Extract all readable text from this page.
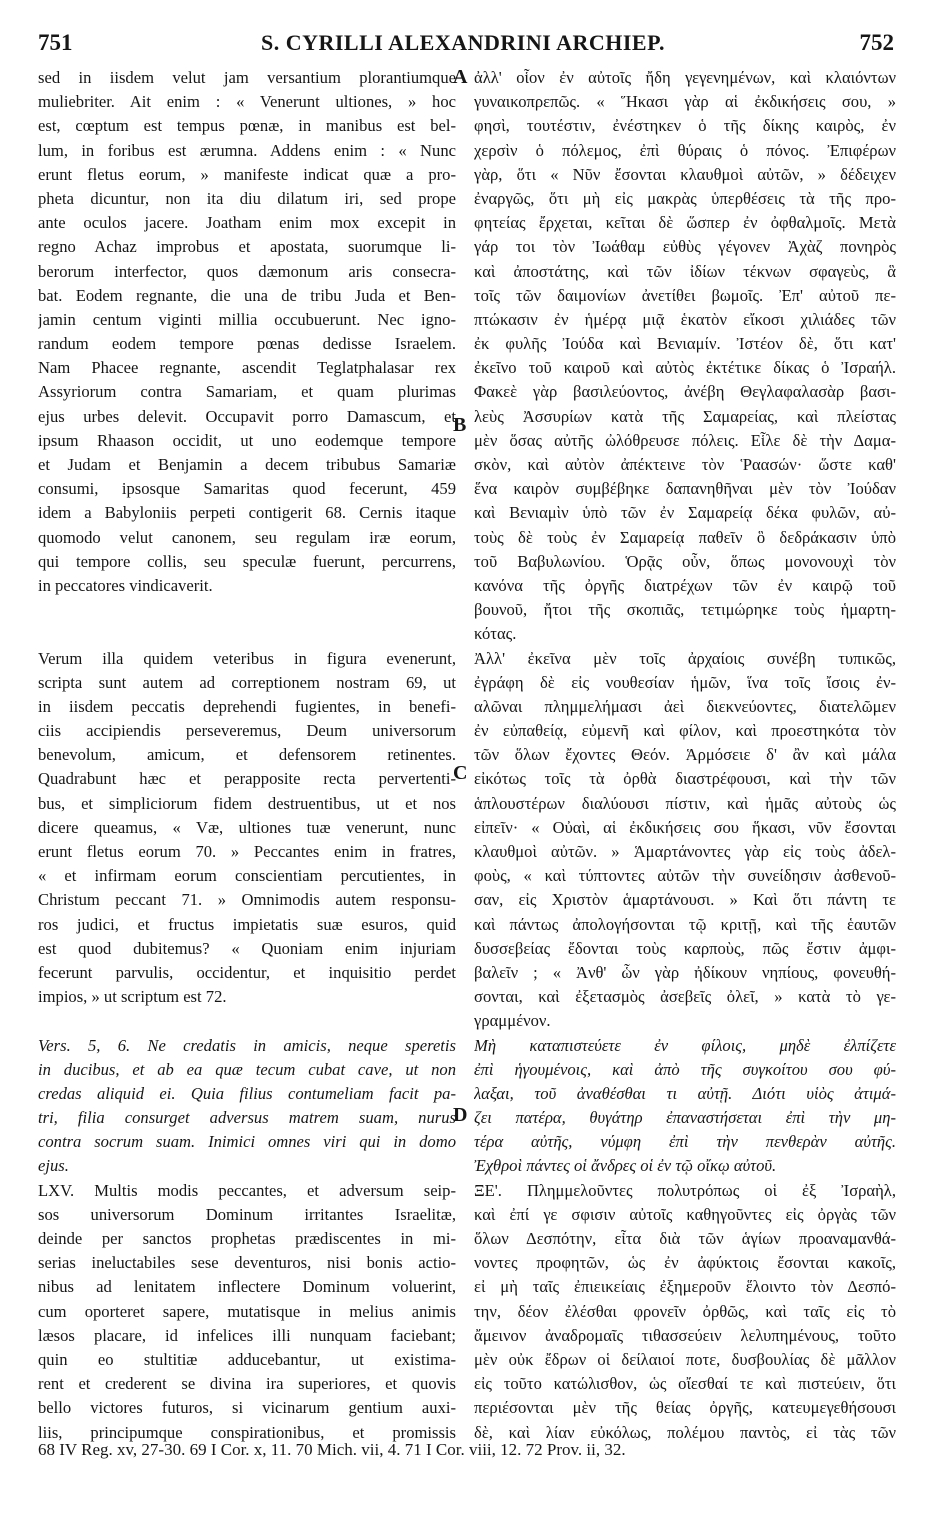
751	S. CYRILLI ALEXANDRINI ARCHIEP.	752
sed in iisdem velut jam versantium plorantiumque
muliebriter. Ait enim : « Venerunt ultiones, » hoc
est, cœptum est tempus pœnæ, in manibus est bel-
lum, in foribus est ærumna. Addens enim : « Nunc
erunt fletus eorum, » manifeste indicat quæ a pro-
pheta dicuntur, non ita diu dilatum iri, sed prope
ante oculos jacere. Joatham enim mox excepit in
regno Achaz improbus et apostata, suorumque li-
berorum interfector, quos dæmonum aris consecra-
bat. Eodem regnante, die una de tribu Juda et Ben-
jamin centum viginti millia occubuerunt. Nec igno-
randum eodem tempore pœnas dedisse Israelem.
Nam Phacee regnante, ascendit Teglatphalasar rex
Assyriorum contra Samariam, et quam plurimas
ejus urbes delevit. Occupavit porro Damascum, et
ipsum Rhaason occidit, ut uno eodemque tempore
et Judam et Benjamin a decem tribubus Samariæ
consumi, ipsosque Samaritas quod fecerunt, 459
idem a Babyloniis perpeti contigerit 68. Cernis itaque
quomodo velut canonem, seu regulam iræ eorum,
qui tempore collis, seu speculæ fuerunt, percurrens,
in peccatores vindicaverit.
Verum illa quidem veteribus in figura evenerunt,
scripta sunt autem ad correptionem nostram 69, ut
in iisdem peccatis deprehendi fugientes, in benefi-
ciis accipiendis perseveremus, Deum universorum
benevolum, amicum, et defensorem retinentes.
Quadrabunt hæc et perapposite recta pervertenti-
bus, et simpliciorum fidem destruentibus, ut et nos
dicere queamus, « Væ, ultiones tuæ venerunt, nunc
erunt fletus eorum 70. » Peccantes enim in fratres,
« et infirmam eorum conscientiam percutientes, in
Christum peccant 71. » Omnimodis autem responsu-
ros judici, et fructus impietatis suæ esuros, quid
est quod dubitemus? « Quoniam enim injuriam
fecerunt parvulis, occidentur, et inquisitio perdet
impios, » ut scriptum est 72.
Vers. 5, 6. Ne credatis in amicis, neque speretis
in ducibus, et ab ea quæ tecum cubat cave, ut non
credas aliquid ei. Quia filius contumeliam facit pa-
tri, filia consurget adversus matrem suam, nurus
contra socrum suam. Inimici omnes viri qui in domo
ejus.
LXV. Multis modis peccantes, et adversum seip-
sos universorum Dominum irritantes Israelitæ,
deinde per sanctos prophetas prædiscentes in mi-
serias ineluctabiles sese deventuros, nisi bonis actio-
nibus ad lenitatem inflectere Dominum voluerint,
cum oporteret sapere, mutatisque in melius animis
læsos placare, id infelices illi nunquam faciebant;
quin eo stultitiæ adducebantur, ut existima-
rent et crederent se divina ira superiores, et quovis
bello victores futuros, si vicinarum gentium auxi-
liis, principumque conspirationibus, et promissis
ἀλλ' οἷον ἐν αὐτοῖς ἤδη γεγενημένων, καὶ κλαιόντων
γυναικοπρεπῶς. « Ἥκασι γὰρ αἱ ἐκδικήσεις σου, »
φησὶ, τουτέστιν, ἐνέστηκεν ὁ τῆς δίκης καιρὸς, ἐν
χερσὶν ὁ πόλεμος, ἐπὶ θύραις ὁ πόνος. Ἐπιφέρων
γὰρ, ὅτι « Νῦν ἔσονται κλαυθμοὶ αὐτῶν, » δέδειχεν
ἐναργῶς, ὅτι μὴ εἰς μακρὰς ὑπερθέσεις τὰ τῆς προ-
φητείας ἔρχεται, κεῖται δὲ ὥσπερ ἐν ὀφθαλμοῖς. Μετὰ
γάρ τοι τὸν Ἰωάθαμ εὐθὺς γέγονεν Ἀχὰζ πονηρὸς
καὶ ἀποστάτης, καὶ τῶν ἰδίων τέκνων σφαγεὺς, ἃ
τοῖς τῶν δαιμονίων ἀνετίθει βωμοῖς. Ἐπ' αὐτοῦ πε-
πτώκασιν ἐν ἡμέρᾳ μιᾷ ἑκατὸν εἴκοσι χιλιάδες τῶν
ἐκ φυλῆς Ἰούδα καὶ Βενιαμίν. Ἰστέον δὲ, ὅτι κατ'
ἐκεῖνο τοῦ καιροῦ καὶ αὐτὸς ἐκτέτικε δίκας ὁ Ἰσραήλ.
Φακεὲ γὰρ βασιλεύοντος, ἀνέβη Θεγλαφαλασὰρ βασι-
λεὺς Ἀσσυρίων κατὰ τῆς Σαμαρείας, καὶ πλείστας
μὲν ὅσας αὐτῆς ὠλόθρευσε πόλεις. Εἷλε δὲ τὴν Δαμα-
σκὸν, καὶ αὐτὸν ἀπέκτεινε τὸν Ῥαασών· ὥστε καθ'
ἕνα καιρὸν συμβέβηκε δαπανηθῆναι μὲν τὸν Ἰούδαν
καὶ Βενιαμὶν ὑπὸ τῶν ἐν Σαμαρείᾳ δέκα φυλῶν, αὐ-
τοὺς δὲ τοὺς ἐν Σαμαρείᾳ παθεῖν ὃ δεδράκασιν ὑπὸ
τοῦ Βαβυλωνίου. Ὁρᾷς οὖν, ὅπως μονονουχὶ τὸν
κανόνα τῆς ὀργῆς διατρέχων τῶν ἐν καιρῷ τοῦ
βουνοῦ, ἤτοι τῆς σκοπιᾶς, τετιμώρηκε τοὺς ἡμαρτη-
κότας.
Ἀλλ' ἐκεῖνα μὲν τοῖς ἀρχαίοις συνέβη τυπικῶς,
ἐγράφη δὲ εἰς νουθεσίαν ἡμῶν, ἵνα τοῖς ἴσοις ἐν-
αλῶναι πλημμελήμασι ἀεὶ διεκνεύοντες, διατελῶμεν
ἐν εὐπαθείᾳ, εὐμενῆ καὶ φίλον, καὶ προεστηκότα τὸν
τῶν ὅλων ἔχοντες Θεόν. Ἁρμόσειε δ' ἂν καὶ μάλα
εἰκότως τοῖς τὰ ὀρθὰ διαστρέφουσι, καὶ τὴν τῶν
ἁπλουστέρων διαλύουσι πίστιν, καὶ ἡμᾶς αὐτοὺς ὡς
εἰπεῖν· « Οὐαὶ, αἱ ἐκδικήσεις σου ἥκασι, νῦν ἔσονται
κλαυθμοὶ αὐτῶν. » Ἁμαρτάνοντες γὰρ εἰς τοὺς ἀδελ-
φοὺς, « καὶ τύπτοντες αὐτῶν τὴν συνείδησιν ἀσθενοῦ-
σαν, εἰς Χριστὸν ἁμαρτάνουσι. » Καὶ ὅτι πάντη τε
καὶ πάντως ἀπολογήσονται τῷ κριτῇ, καὶ τῆς ἑαυτῶν
δυσσεβείας ἔδονται τοὺς καρποὺς, πῶς ἔστιν ἀμφι-
βαλεῖν ; « Ἀνθ' ὧν γὰρ ἠδίκουν νηπίους, φονευθή-
σονται, καὶ ἐξετασμὸς ἀσεβεῖς ὀλεῖ, » κατὰ τὸ γε-
γραμμένον.
Μὴ καταπιστεύετε ἐν φίλοις, μηδὲ ἐλπίζετε
ἐπὶ ἡγουμένοις, καὶ ἀπὸ τῆς συγκοίτου σου φύ-
λαξαι, τοῦ ἀναθέσθαι τι αὐτῇ. Διότι υἱὸς ἀτιμά-
ζει πατέρα, θυγάτηρ ἐπαναστήσεται ἐπὶ τὴν μη-
τέρα αὐτῆς, νύμφη ἐπὶ τὴν πενθερὰν αὐτῆς.
Ἐχθροὶ πάντες οἱ ἄνδρες οἱ ἐν τῷ οἴκῳ αὐτοῦ.
ΞΕ'. Πλημμελοῦντες πολυτρόπως οἱ ἐξ Ἰσραὴλ,
καὶ ἐπί γε σφισιν αὐτοῖς καθηγοῦντες εἰς ὀργὰς τῶν
ὅλων Δεσπότην, εἶτα διὰ τῶν ἁγίων προαναμανθά-
νοντες προφητῶν, ὡς ἐν ἀφύκτοις ἔσονται κακοῖς,
εἰ μὴ ταῖς ἐπιεικείαις ἐξημεροῦν ἕλοιντο τὸν Δεσπό-
την, δέον ἐλέσθαι φρονεῖν ὀρθῶς, καὶ ταῖς εἰς τὸ
ἄμεινον ἀναδρομαῖς τιθασσεύειν λελυπημένους, τοῦτο
μὲν οὐκ ἔδρων οἱ δείλαιοί ποτε, δυσβουλίας δὲ μᾶλλον
εἰς τοῦτο κατώλισθον, ὡς οἴεσθαί τε καὶ πιστεύειν, ὅτι
περιέσονται μὲν τῆς θείας ὀργῆς, κατευμεγεθήσουσι
δὲ, καὶ λίαν εὐκόλως, πολέμου παντὸς, εἰ τὰς τῶν
A
B
C
D
68 IV Reg. xv, 27-30. 69 I Cor. x, 11. 70 Mich. vii, 4. 71 I Cor. viii, 12. 72 Prov. ii, 32.
